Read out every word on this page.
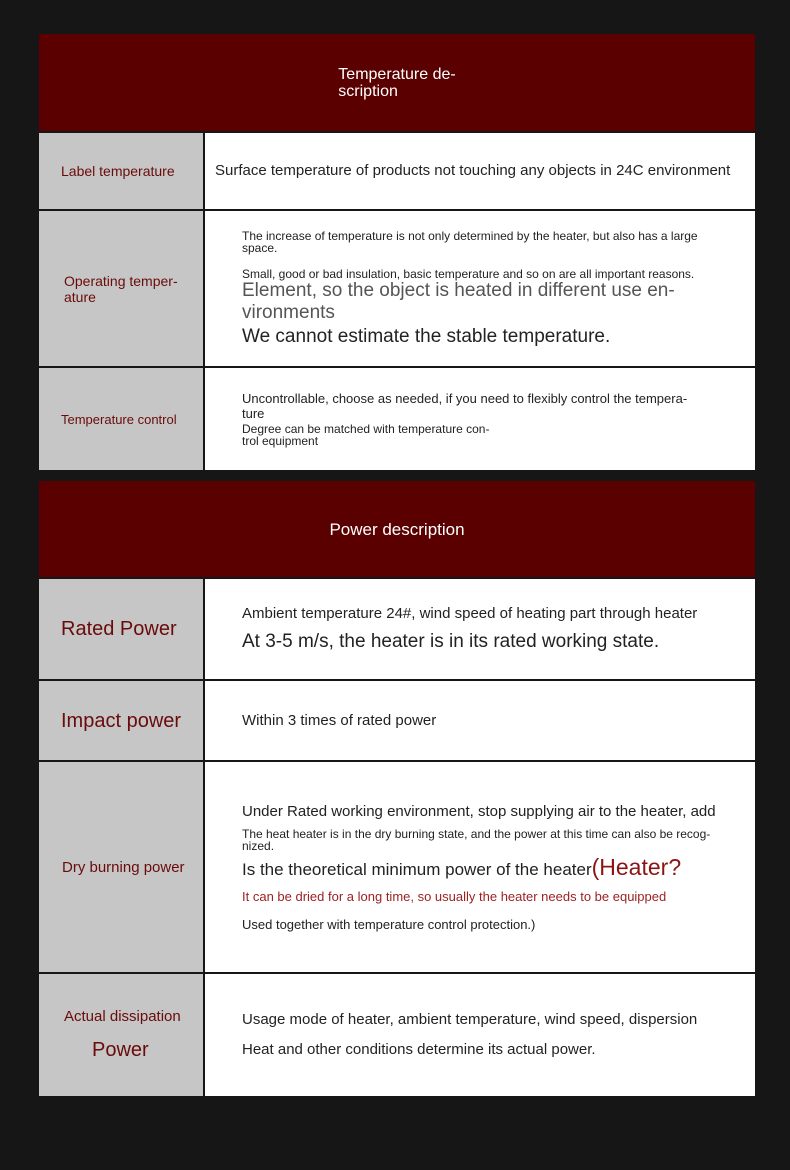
Temperature de-
scription
Label temperature	Surface temperature of products not touching any objects in 24C environment
Operating temper-
ature
The increase of temperature is not only determined by the heater, but also has a large
space.
Small, good or bad insulation, basic temperature and so on are all important reasons.
Element, so the object is heated in different use en-
vironments
We cannot estimate the stable temperature.
Temperature control
Uncontrollable, choose as needed, if you need to flexibly control the tempera-
ture
Degree can be matched with temperature con-
trol equipment
Power description
Rated Power
Ambient temperature 24#, wind speed of heating part through heater
At 3-5 m/s, the heater is in its rated working state.
Impact power	Within 3 times of rated power
Dry burning power
Under Rated working environment, stop supplying air to the heater, add
The heat heater is in the dry burning state, and the power at this time can also be recog-
nized.
Is the theoretical minimum power of the heater (Heater?
It can be dried for a long time, so usually the heater needs to be equipped
Used together with temperature control protection.)
Actual dissipation
Power
Usage mode of heater, ambient temperature, wind speed, dispersion
Heat and other conditions determine its actual power.
